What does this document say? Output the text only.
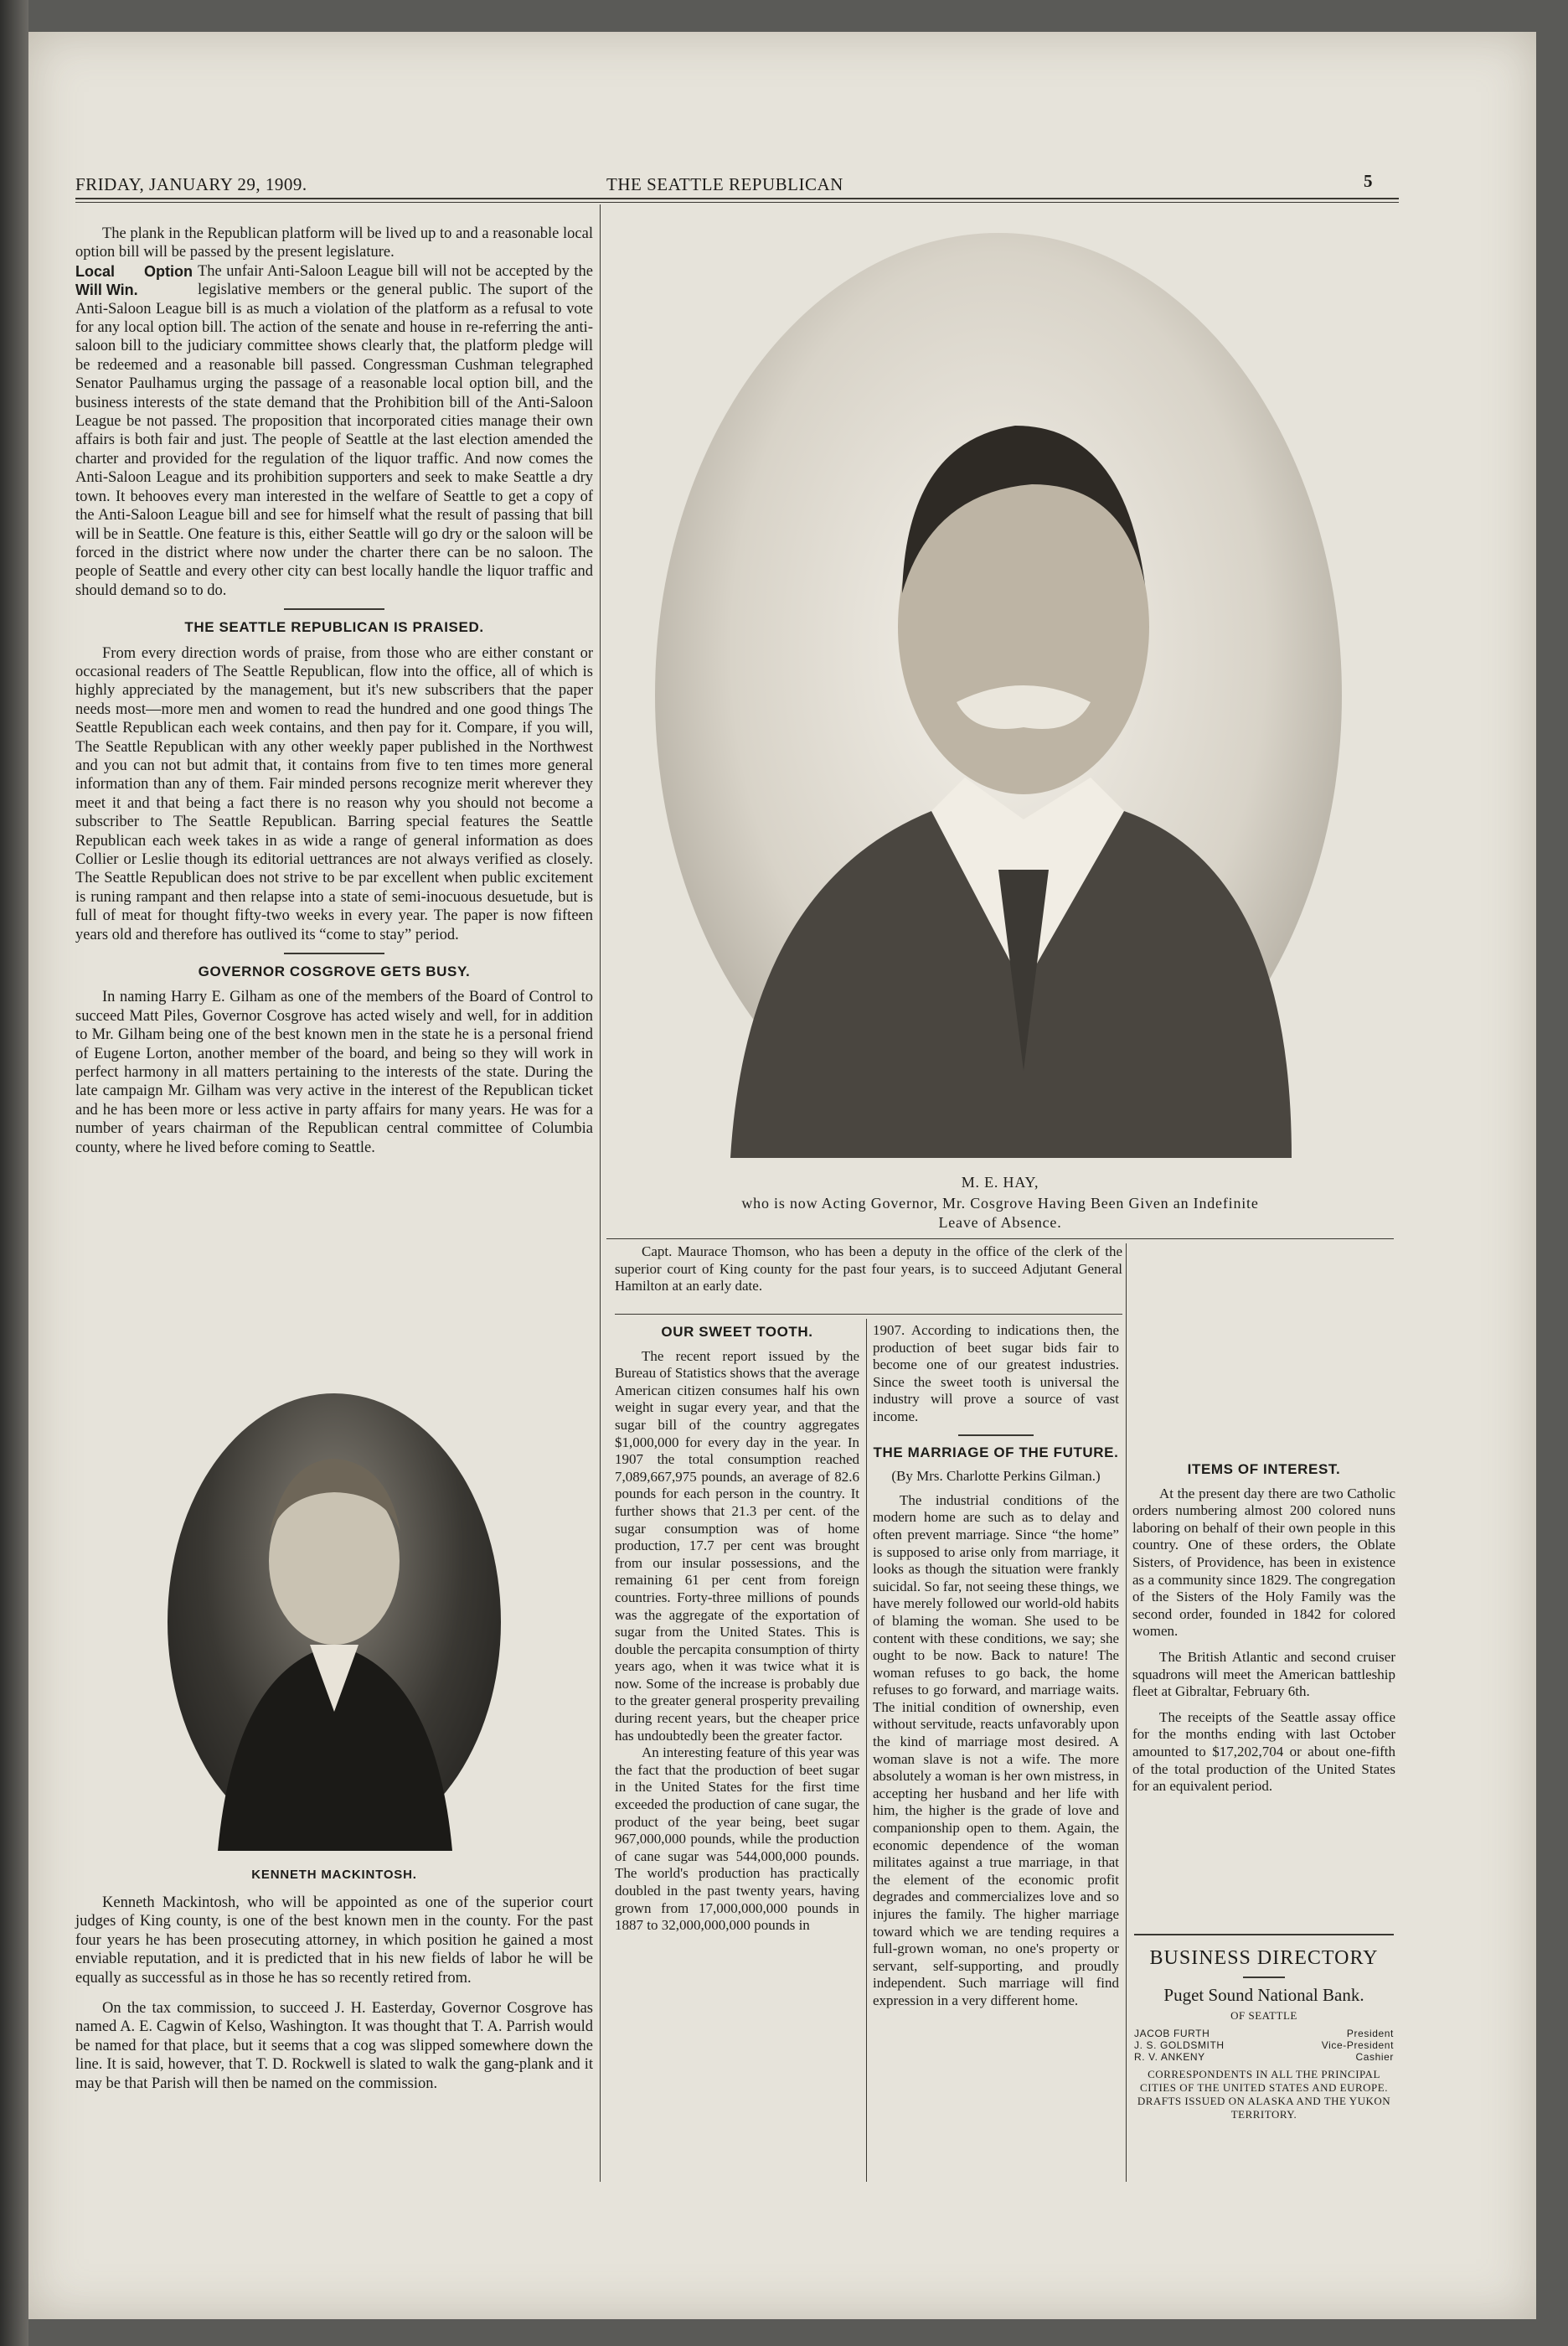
FRIDAY, JANUARY 29, 1909.	THE SEATTLE REPUBLICAN	5

The plank in the Republican platform will be lived up to and a reasonable local option bill will be passed by the present legislature.

Local Option Will Win.
The unfair Anti-Saloon League bill will not be accepted by the legislative members or the general public. The suport of the Anti-Saloon League bill is as much a violation of the platform as a refusal to vote for any local option bill. The action of the senate and house in re-referring the anti-saloon bill to the judiciary committee shows clearly that, the platform pledge will be redeemed and a reasonable bill passed. Congressman Cushman telegraphed Senator Paulhamus urging the passage of a reasonable local option bill, and the business interests of the state demand that the Prohibition bill of the Anti-Saloon League be not passed. The proposition that incorporated cities manage their own affairs is both fair and just. The people of Seattle at the last election amended the charter and provided for the regulation of the liquor traffic. And now comes the Anti-Saloon League and its prohibition supporters and seek to make Seattle a dry town. It behooves every man interested in the welfare of Seattle to get a copy of the Anti-Saloon League bill and see for himself what the result of passing that bill will be in Seattle. One feature is this, either Seattle will go dry or the saloon will be forced in the district where now under the charter there can be no saloon. The people of Seattle and every other city can best locally handle the liquor traffic and should demand so to do.

THE SEATTLE REPUBLICAN IS PRAISED.

From every direction words of praise, from those who are either constant or occasional readers of The Seattle Republican, flow into the office, all of which is highly appreciated by the management, but it's new subscribers that the paper needs most—more men and women to read the hundred and one good things The Seattle Republican each week contains, and then pay for it. Compare, if you will, The Seattle Republican with any other weekly paper published in the Northwest and you can not but admit that, it contains from five to ten times more general information than any of them. Fair minded persons recognize merit wherever they meet it and that being a fact there is no reason why you should not become a subscriber to The Seattle Republican. Barring special features the Seattle Republican each week takes in as wide a range of general information as does Collier or Leslie though its editorial uettrances are not always verified as closely. The Seattle Republican does not strive to be par excellent when public excitement is runing rampant and then relapse into a state of semi-inocuous desuetude, but is full of meat for thought fifty-two weeks in every year. The paper is now fifteen years old and therefore has outlived its “come to stay” period.

GOVERNOR COSGROVE GETS BUSY.

In naming Harry E. Gilham as one of the members of the Board of Control to succeed Matt Piles, Governor Cosgrove has acted wisely and well, for in addition to Mr. Gilham being one of the best known men in the state he is a personal friend of Eugene Lorton, another member of the board, and being so they will work in perfect harmony in all matters pertaining to the interests of the state. During the late campaign Mr. Gilham was very active in the interest of the Republican ticket and he has been more or less active in party affairs for many years. He was for a number of years chairman of the Republican central committee of Columbia county, where he lived before coming to Seattle.

KENNETH MACKINTOSH.

Kenneth Mackintosh, who will be appointed as one of the superior court judges of King county, is one of the best known men in the county. For the past four years he has been prosecuting attorney, in which position he gained a most enviable reputation, and it is predicted that in his new fields of labor he will be equally as successful as in those he has so recently retired from.

On the tax commission, to succeed J. H. Easterday, Governor Cosgrove has named A. E. Cagwin of Kelso, Washington. It was thought that T. A. Parrish would be named for that place, but it seems that a cog was slipped somewhere down the line. It is said, however, that T. D. Rockwell is slated to walk the gang-plank and it may be that Parish will then be named on the commission.

M. E. HAY,
who is now Acting Governor, Mr. Cosgrove Having Been Given an Indefinite
Leave of Absence.

Capt. Maurace Thomson, who has been a deputy in the office of the clerk of the superior court of King county for the past four years, is to succeed Adjutant General Hamilton at an early date.

OUR SWEET TOOTH.

The recent report issued by the Bureau of Statistics shows that the average American citizen consumes half his own weight in sugar every year, and that the sugar bill of the country aggregates $1,000,000 for every day in the year. In 1907 the total consumption reached 7,089,667,975 pounds, an average of 82.6 pounds for each person in the country. It further shows that 21.3 per cent. of the sugar consumption was of home production, 17.7 per cent was brought from our insular possessions, and the remaining 61 per cent from foreign countries. Forty-three millions of pounds was the aggregate of the exportation of sugar from the United States. This is double the percapita consumption of thirty years ago, when it was twice what it is now. Some of the increase is probably due to the greater general prosperity prevailing during recent years, but the cheaper price has undoubtedly been the greater factor.

An interesting feature of this year was the fact that the production of beet sugar in the United States for the first time exceeded the production of cane sugar, the product of the year being, beet sugar 967,000,000 pounds, while the production of cane sugar was 544,000,000 pounds. The world's production has practically doubled in the past twenty years, having grown from 17,000,000,000 pounds in 1887 to 32,000,000,000 pounds in

1907. According to indications then, the production of beet sugar bids fair to become one of our greatest industries. Since the sweet tooth is universal the industry will prove a source of vast income.

THE MARRIAGE OF THE FUTURE.
(By Mrs. Charlotte Perkins Gilman.)

The industrial conditions of the modern home are such as to delay and often prevent marriage. Since “the home” is supposed to arise only from marriage, it looks as though the situation were frankly suicidal. So far, not seeing these things, we have merely followed our world-old habits of blaming the woman. She used to be content with these conditions, we say; she ought to be now. Back to nature! The woman refuses to go back, the home refuses to go forward, and marriage waits. The initial condition of ownership, even without servitude, reacts unfavorably upon the kind of marriage most desired. A woman slave is not a wife. The more absolutely a woman is her own mistress, in accepting her husband and her life with him, the higher is the grade of love and companionship open to them. Again, the economic dependence of the woman militates against a true marriage, in that the element of the economic profit degrades and commercializes love and so injures the family. The higher marriage toward which we are tending requires a full-grown woman, no one's property or servant, self-supporting, and proudly independent. Such marriage will find expression in a very different home.

ITEMS OF INTEREST.

At the present day there are two Catholic orders numbering almost 200 colored nuns laboring on behalf of their own people in this country. One of these orders, the Oblate Sisters, of Providence, has been in existence as a community since 1829. The congregation of the Sisters of the Holy Family was the second order, founded in 1842 for colored women.

The British Atlantic and second cruiser squadrons will meet the American battleship fleet at Gibraltar, February 6th.

The receipts of the Seattle assay office for the months ending with last October amounted to $17,202,704 or about one-fifth of the total production of the United States for an equivalent period.

BUSINESS DIRECTORY
Puget Sound National Bank.
OF SEATTLE
JACOB FURTH	President
J. S. GOLDSMITH	Vice-President
R. V. ANKENY	Cashier
CORRESPONDENTS IN ALL THE PRINCIPAL CITIES OF THE UNITED STATES AND EUROPE.
DRAFTS ISSUED ON ALASKA AND THE YUKON TERRITORY.
